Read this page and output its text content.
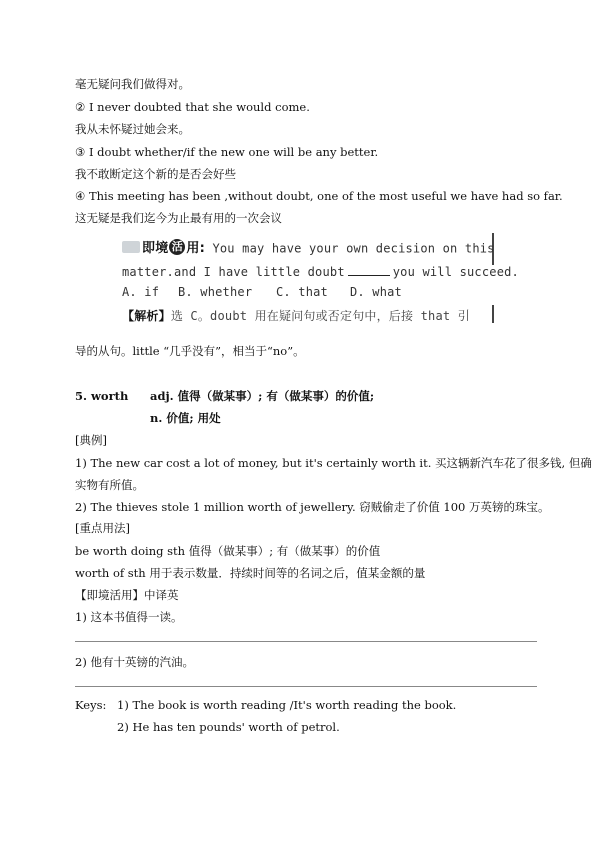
毫无疑问我们做得对。
② I never doubted that she would come.
我从未怀疑过她会来。
③ I doubt whether/if the new one will be any better.
我不敢断定这个新的是否会好些
④ This meeting has been ,without doubt, one of the most useful we have had so far.
这无疑是我们迄今为止最有用的一次会议
即境 活 用: You may have your own decision on this
matter.and I have little doubt	you will succeed.
A. if B. whether C. that D. what
【解析】选 C。doubt 用在疑问句或否定句中，后接 that 引
导的从句。little “几乎没有”，相当于“no”。
5. worth adj. 值得（做某事）; 有（做某事）的价值;
n. 价值; 用处
[典例]
1) The new car cost a lot of money, but it's certainly worth it. 买这辆新汽车花了很多钱, 但确
实物有所值。
2) The thieves stole 1 million worth of jewellery. 窃贼偷走了价值 100 万英镑的珠宝。
[重点用法]
be worth doing sth 值得（做某事）; 有（做某事）的价值
worth of sth 用于表示数量．持续时间等的名词之后，值某金额的量
【即境活用】中译英
1) 这本书值得一读。
2) 他有十英镑的汽油。
Keys: 1) The book is worth reading /It's worth reading the book.
2) He has ten pounds' worth of petrol.
